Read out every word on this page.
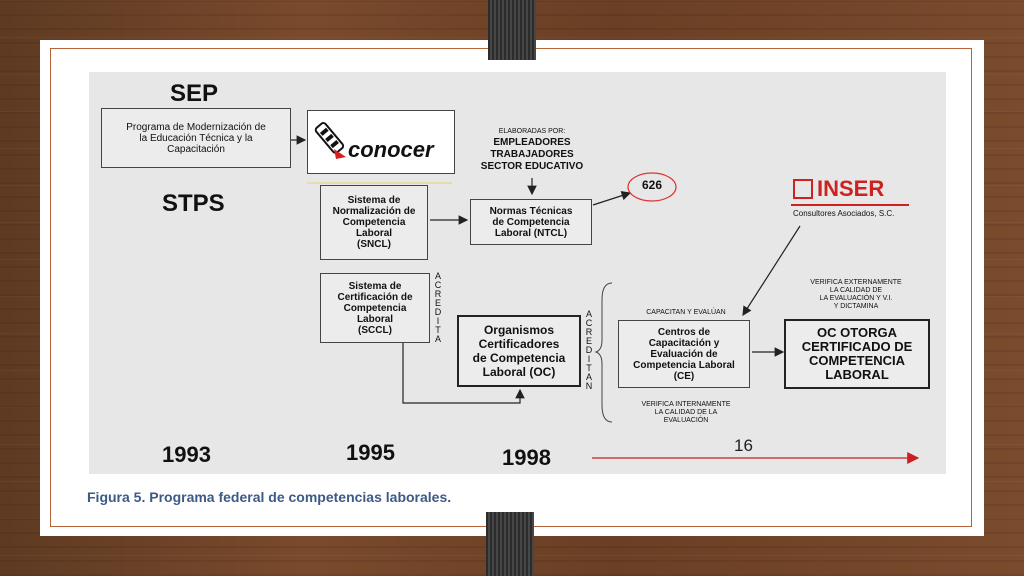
SEP
STPS
Programa de Modernización de
la Educación Técnica y la
Capacitación	conocer
ELABORADAS POR:
EMPLEADORES
TRABAJADORES
SECTOR EDUCATIVO
626	INSER
Consultores Asociados, S.C.
Sistema de
Normalización de
Competencia
Laboral
(SNCL)
Normas Técnicas
de Competencia
Laboral (NTCL)
Sistema de
Certificación de
Competencia
Laboral
(SCCL)
A
C
R
E
D
I
T
A
Organismos
Certificadores
de Competencia
Laboral (OC)
A
C
R
E
D
I
T
A
N
CAPACITAN Y EVALÚAN
Centros de
Capacitación y
Evaluación de
Competencia Laboral
(CE)
VERIFICA INTERNAMENTE
LA CALIDAD DE LA
EVALUACIÓN
VERIFICA EXTERNAMENTE
LA CALIDAD DE
LA EVALUACIÓN Y V.I.
Y DICTAMINA
OC OTORGA
CERTIFICADO DE
COMPETENCIA
LABORAL
1993	1995	1998	16
Figura 5. Programa federal de competencias laborales.
